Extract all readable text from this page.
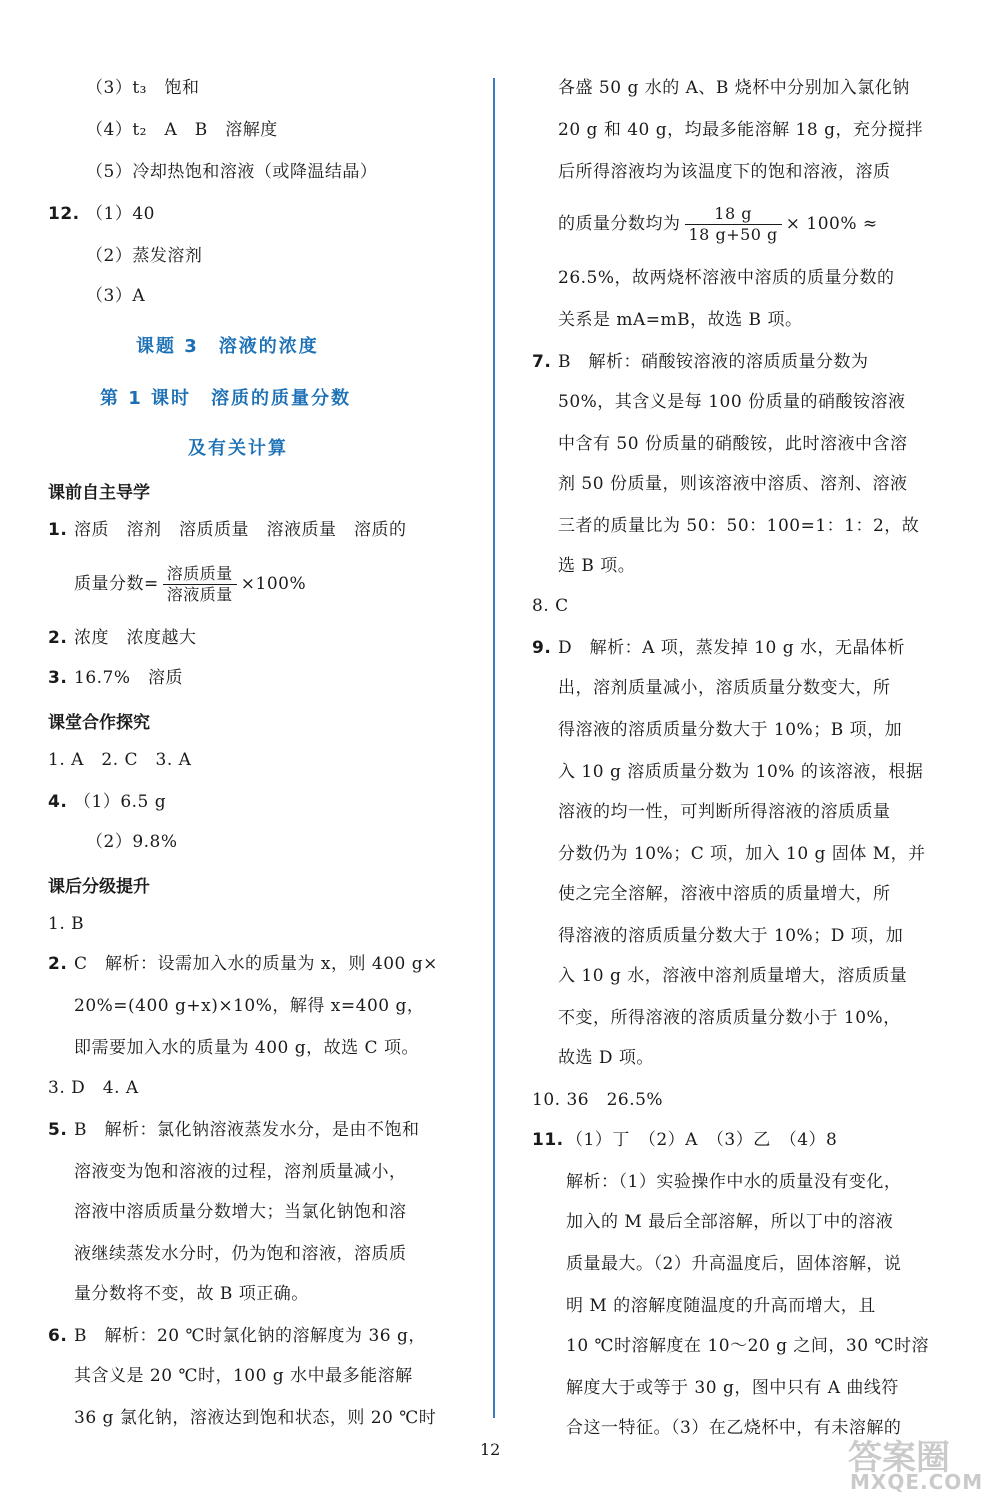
（3）t₃　饱和
（4）t₂　A　B　溶解度
（5）冷却热饱和溶液（或降温结晶）
12. （1）40
（2）蒸发溶剂
（3）A
课题 3　溶液的浓度
第 1 课时　溶质的质量分数
及有关计算
课前自主导学
1. 溶质　溶剂　溶质质量　溶液质量　溶质的
质量分数= $\frac{\text{溶质质量}}{\text{溶液质量}} \times 100\%$
2. 浓度　浓度越大
3. 16.7%　溶质
课堂合作探究
1. A　2. C　3. A
4. （1）6.5 g
（2）9.8%
课后分级提升
1. B
2. C　解析：设需加入水的质量为 x，则 400 g×
20%=(400 g+x)×10%，解得 x=400 g，
即需要加入水的质量为 400 g，故选 C 项。
3. D　4. A
5. B　解析：氯化钠溶液蒸发水分，是由不饱和
溶液变为饱和溶液的过程，溶剂质量减小，
溶液中溶质质量分数增大；当氯化钠饱和溶
液继续蒸发水分时，仍为饱和溶液，溶质质
量分数将不变，故 B 项正确。
6. B　解析：20 ℃时氯化钠的溶解度为 36 g，
其含义是 20 ℃时，100 g 水中最多能溶解
36 g 氯化钠，溶液达到饱和状态，则 20 ℃时
各盛 50 g 水的 A、B 烧杯中分别加入氯化钠
20 g 和 40 g，均最多能溶解 18 g，充分搅拌
后所得溶液均为该温度下的饱和溶液，溶质
的质量分数均为 $\frac{18 g}{18 g+50 g} \times 100\%$ ≈
26.5%，故两烧杯溶液中溶质的质量分数的
关系是 mA=mB，故选 B 项。
7. B　解析：硝酸铵溶液的溶质质量分数为
50%，其含义是每 100 份质量的硝酸铵溶液
中含有 50 份质量的硝酸铵，此时溶液中含溶
剂 50 份质量，则该溶液中溶质、溶剂、溶液
三者的质量比为 50：50：100=1：1：2，故
选 B 项。
8. C
9. D　解析：A 项，蒸发掉 10 g 水，无晶体析
出，溶剂质量减小，溶质质量分数变大，所
得溶液的溶质质量分数大于 10%；B 项，加
入 10 g 溶质质量分数为 10% 的该溶液，根据
溶液的均一性，可判断所得溶液的溶质质量
分数仍为 10%；C 项，加入 10 g 固体 M，并
使之完全溶解，溶液中溶质的质量增大，所
得溶液的溶质质量分数大于 10%；D 项，加
入 10 g 水，溶液中溶剂质量增大，溶质质量
不变，所得溶液的溶质质量分数小于 10%，
故选 D 项。
10. 36　26.5%
11. （1）丁　（2）A　（3）乙　（4）8
解析：（1）实验操作中水的质量没有变化，
加入的 M 最后全部溶解，所以丁中的溶液
质量最大。（2）升高温度后，固体溶解，说
明 M 的溶解度随温度的升高而增大，且
10 ℃时溶解度在 10～20 g 之间，30 ℃时溶
解度大于或等于 30 g，图中只有 A 曲线符
合这一特征。（3）在乙烧杯中，有未溶解的
12	答案圈
MXQE.COM
